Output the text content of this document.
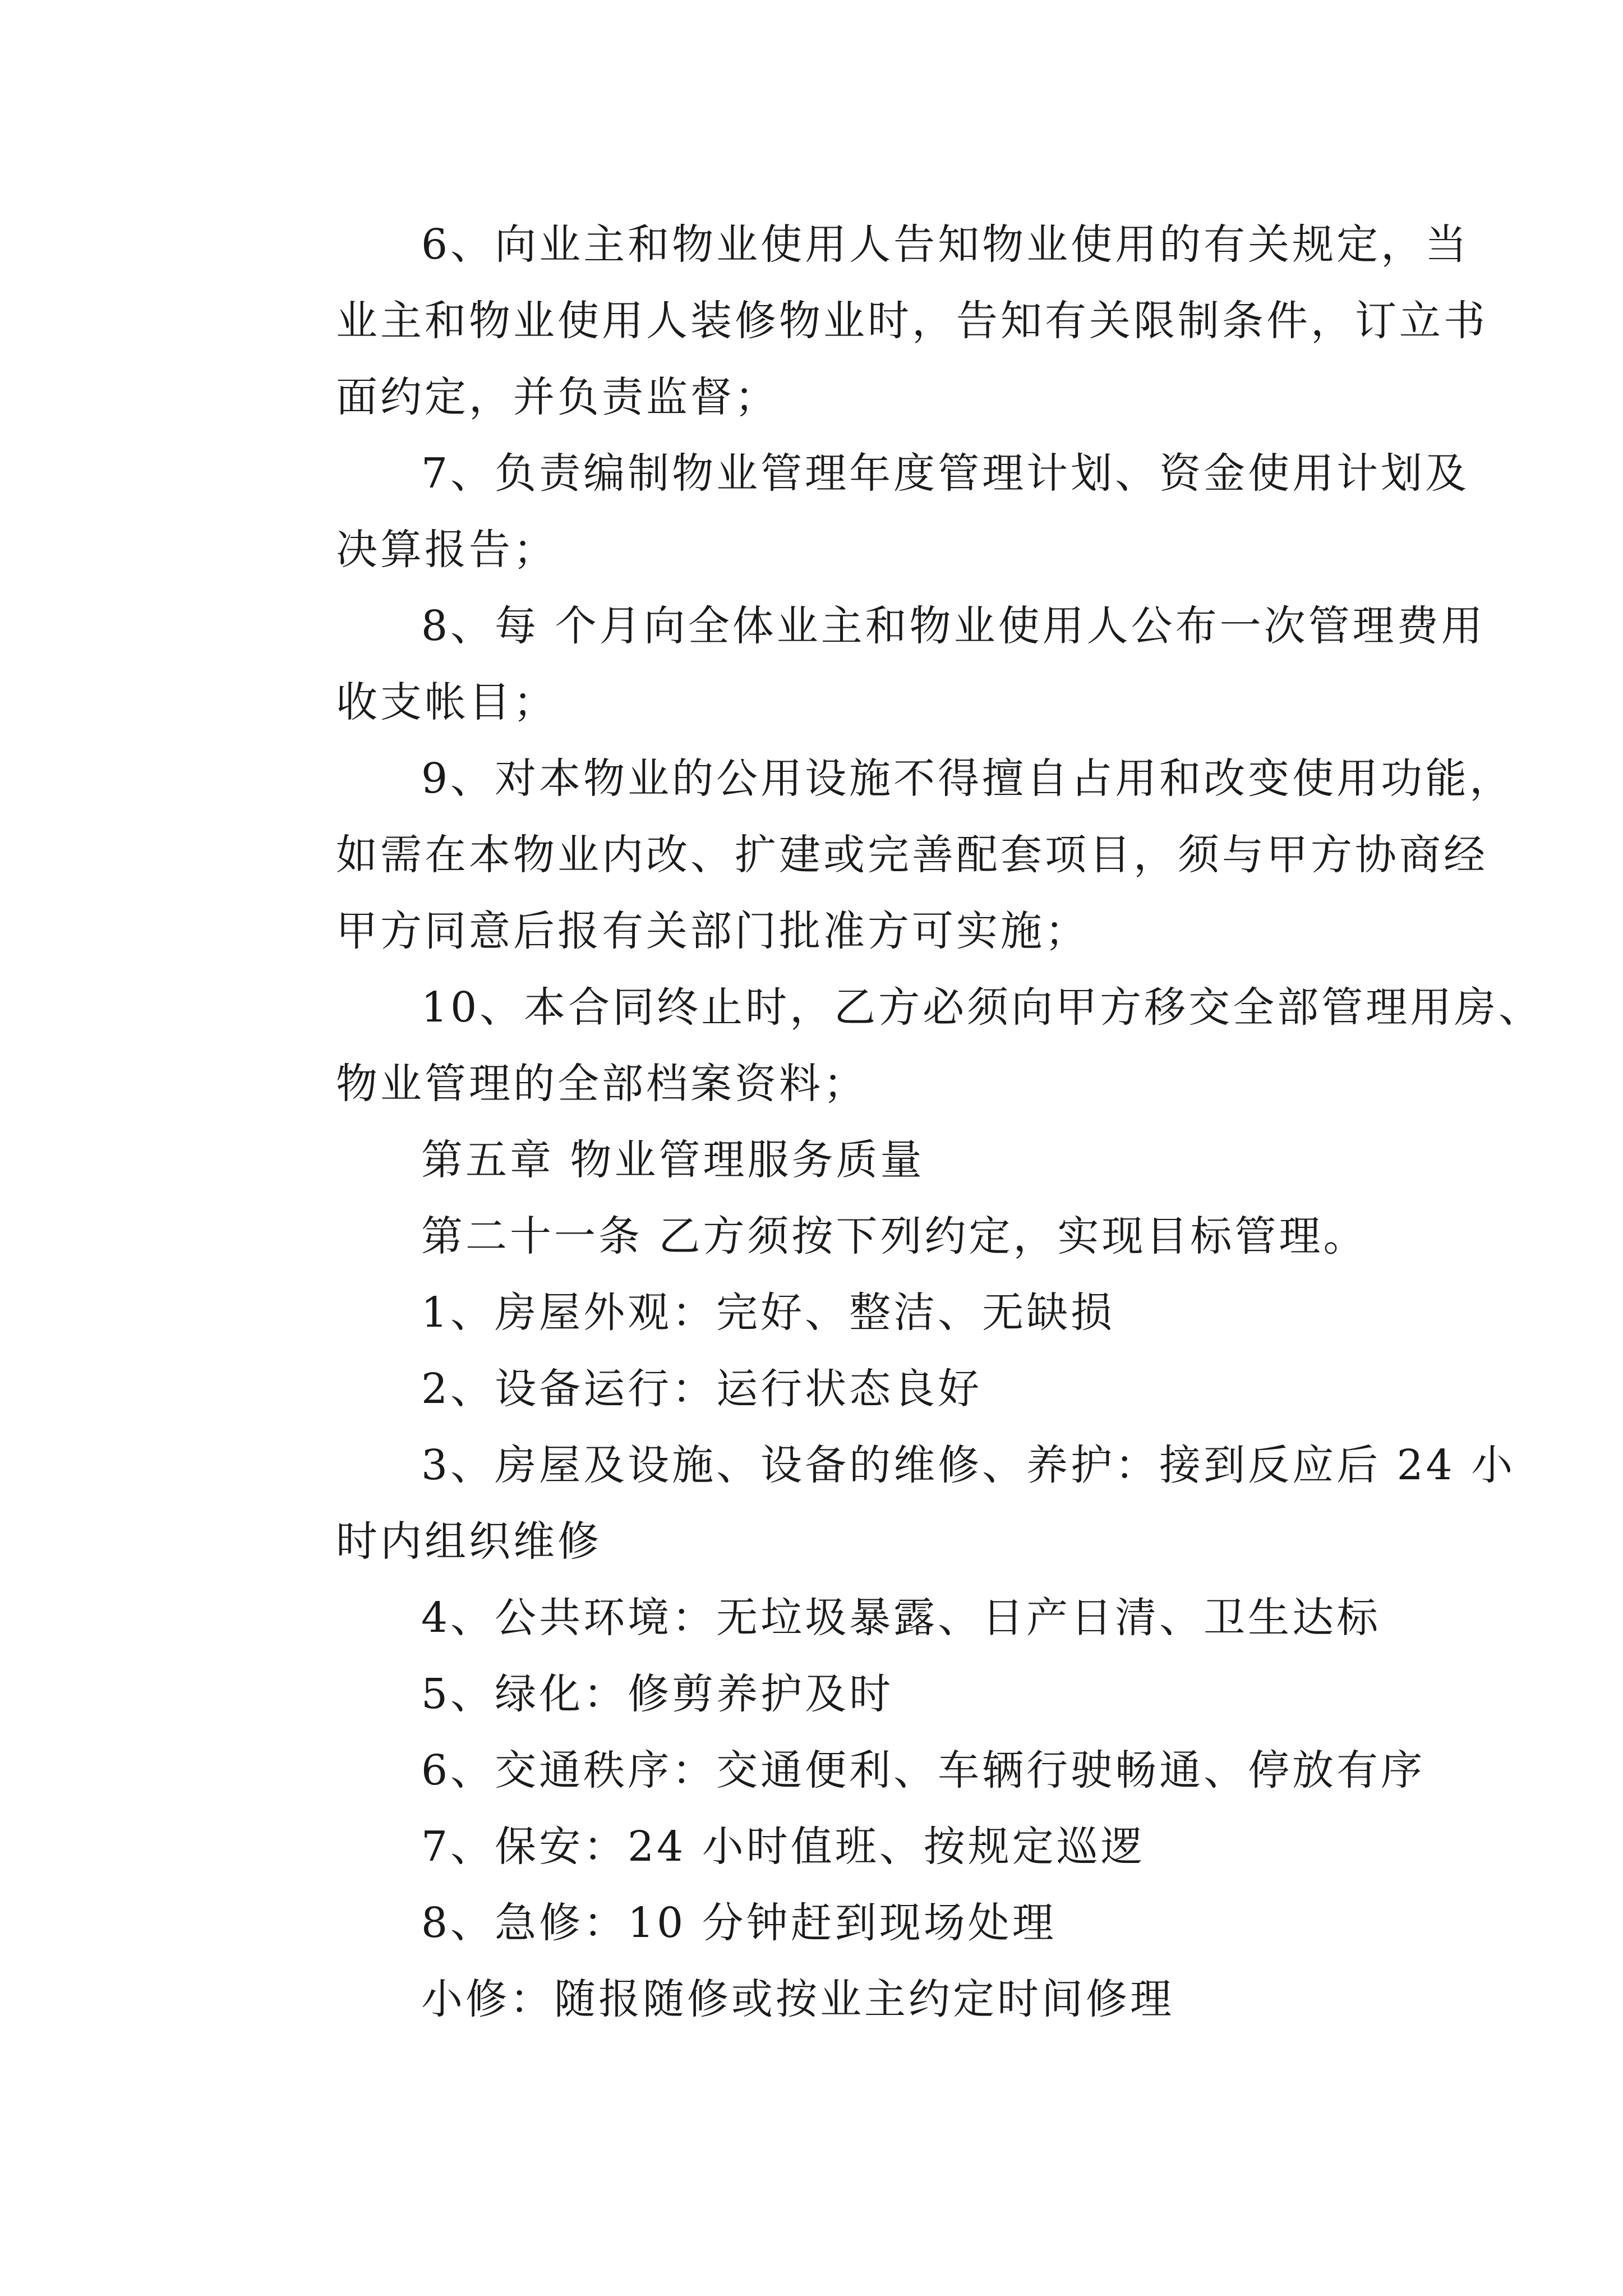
6、向业主和物业使用人告知物业使用的有关规定，当
业主和物业使用人装修物业时，告知有关限制条件，订立书
面约定，并负责监督；
7、负责编制物业管理年度管理计划、资金使用计划及
决算报告；
8、每 个月向全体业主和物业使用人公布一次管理费用
收支帐目；
9、对本物业的公用设施不得擅自占用和改变使用功能，
如需在本物业内改、扩建或完善配套项目，须与甲方协商经
甲方同意后报有关部门批准方可实施；
10、本合同终止时，乙方必须向甲方移交全部管理用房、
物业管理的全部档案资料；
第五章 物业管理服务质量
第二十一条 乙方须按下列约定，实现目标管理。
1、房屋外观：完好、整洁、无缺损
2、设备运行：运行状态良好
3、房屋及设施、设备的维修、养护：接到反应后 24 小
时内组织维修
4、公共环境：无垃圾暴露、日产日清、卫生达标
5、绿化：修剪养护及时
6、交通秩序：交通便利、车辆行驶畅通、停放有序
7、保安：24 小时值班、按规定巡逻
8、急修：10 分钟赶到现场处理
小修：随报随修或按业主约定时间修理
